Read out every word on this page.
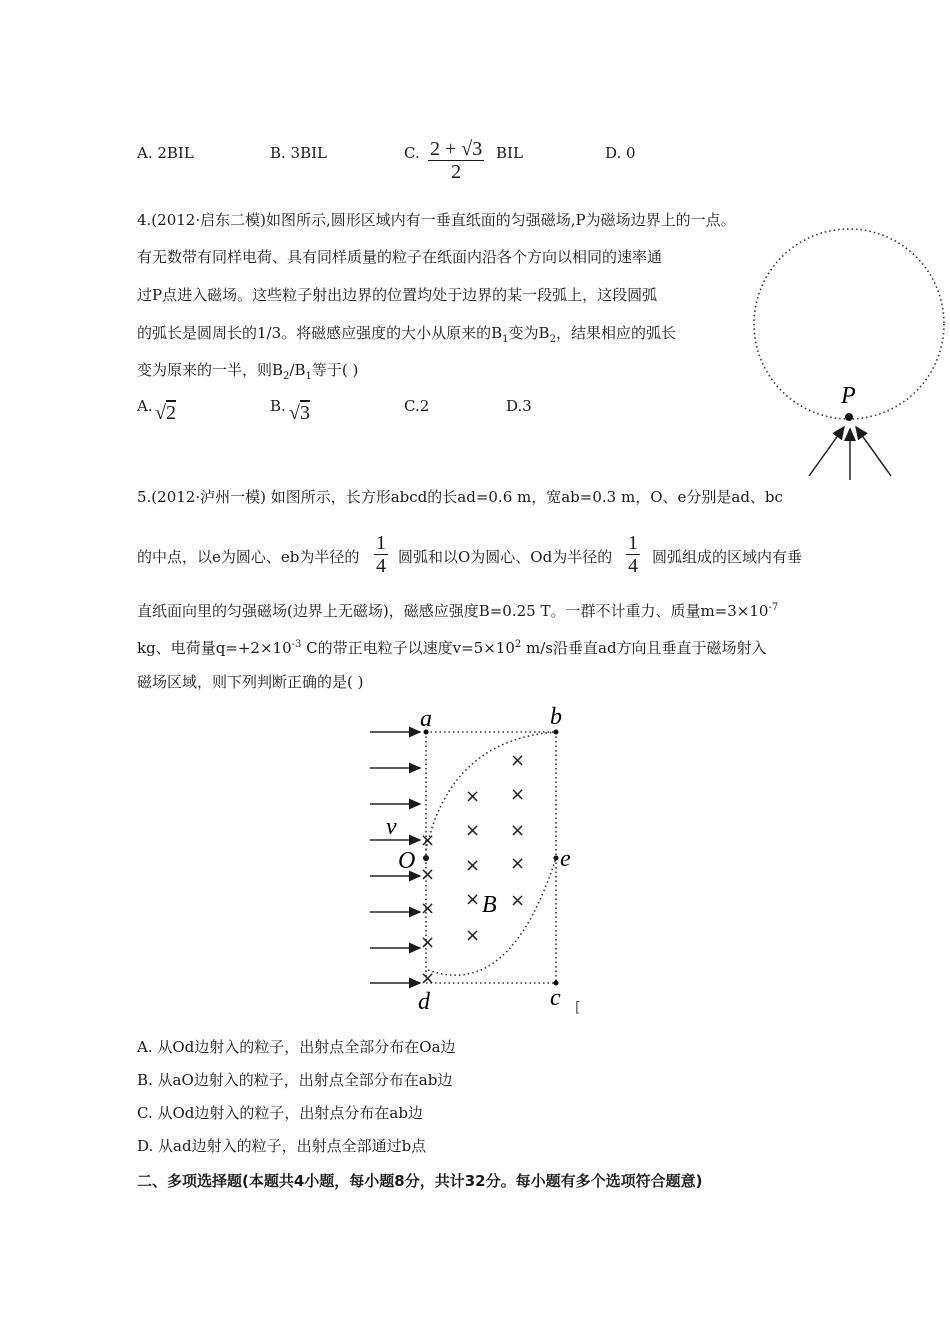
A. 2BIL	B. 3BIL	C. $\frac{2 + √3}{2}$ BIL	D. 0
4.(2012·启东二模)如图所示,圆形区域内有一垂直纸面的匀强磁场,P为磁场边界上的一点。
有无数带有同样电荷、具有同样质量的粒子在纸面内沿各个方向以相同的速率通
过P点进入磁场。这些粒子射出边界的位置均处于边界的某一段弧上，这段圆弧
的弧长是圆周长的1/3。将磁感应强度的大小从原来的$B_1$变为$B_2$，结果相应的弧长
变为原来的一半，则$B_2/B_1$等于( )
A. √2	B. √3	C.2	D.3	P
5.(2012·泸州一模) 如图所示，长方形abcd的长ad=0.6 m，宽ab=0.3 m，O、e分别是ad、bc
的中点，以e为圆心、eb为半径的 $\frac{1}{4}$ 圆弧和以O为圆心、Od为半径的 $\frac{1}{4}$ 圆弧组成的区域内有垂
直纸面向里的匀强磁场(边界上无磁场)，磁感应强度B=0.25 T。一群不计重力、质量$m=3\times 10^{-7}$
kg、电荷量$q=+2\times 10^{-3}$ C的带正电粒子以速度$v=5\times 10^2$ m/s沿垂直ad方向且垂直于磁场射入
磁场区域，则下列判断正确的是( )
×
× ×
× ×
×
× ×
×
× ×
×
×
×
×
a	b
v
O	e
B
d	c [
A. 从Od边射入的粒子，出射点全部分布在Oa边
B. 从aO边射入的粒子，出射点全部分布在ab边
C. 从Od边射入的粒子，出射点分布在ab边
D. 从ad边射入的粒子，出射点全部通过b点
二、多项选择题(本题共4小题，每小题8分，共计32分。每小题有多个选项符合题意)
